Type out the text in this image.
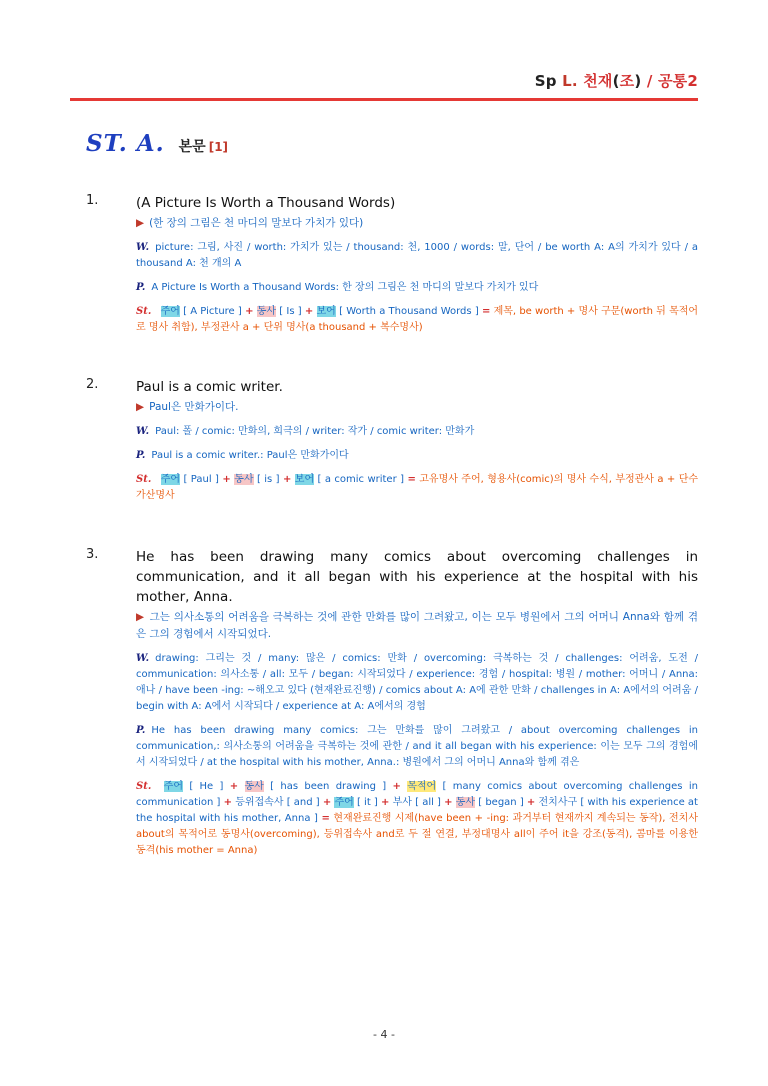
Sp L. 천재(조) / 공통2
ST. A. 본문 [1]
1.	(A Picture Is Worth a Thousand Words)
▶ (한 장의 그림은 천 마디의 말보다 가치가 있다)
W. picture: 그림, 사진 / worth: 가치가 있는 / thousand: 천, 1000 / words: 말, 단어 / be worth A: A의 가치가 있다 / a thousand A: 천 개의 A
P. A Picture Is Worth a Thousand Words: 한 장의 그림은 천 마디의 말보다 가치가 있다
St. 주어 [ A Picture ] + 동사 [ Is ] + 보어 [ Worth a Thousand Words ] = 제목, be worth + 명사 구문(worth 뒤 목적어로 명사 취함), 부정관사 a + 단위 명사(a thousand + 복수명사)
2.	Paul is a comic writer.
▶ Paul은 만화가이다.
W. Paul: 폴 / comic: 만화의, 희극의 / writer: 작가 / comic writer: 만화가
P. Paul is a comic writer.: Paul은 만화가이다
St. 주어 [ Paul ] + 동사 [ is ] + 보어 [ a comic writer ] = 고유명사 주어, 형용사(comic)의 명사 수식, 부정관사 a + 단수 가산명사
3.	He has been drawing many comics about overcoming challenges in communication, and it all began with his experience at the hospital with his mother, Anna.
▶ 그는 의사소통의 어려움을 극복하는 것에 관한 만화를 많이 그려왔고, 이는 모두 병원에서 그의 어머니 Anna와 함께 겪은 그의 경험에서 시작되었다.
W. drawing: 그리는 것 / many: 많은 / comics: 만화 / overcoming: 극복하는 것 / challenges: 어려움, 도전 / communication: 의사소통 / all: 모두 / began: 시작되었다 / experience: 경험 / hospital: 병원 / mother: 어머니 / Anna: 애나 / have been -ing: ~해오고 있다 (현재완료진행) / comics about A: A에 관한 만화 / challenges in A: A에서의 어려움 / begin with A: A에서 시작되다 / experience at A: A에서의 경험
P. He has been drawing many comics: 그는 만화를 많이 그려왔고 / about overcoming challenges in communication,: 의사소통의 어려움을 극복하는 것에 관한 / and it all began with his experience: 이는 모두 그의 경험에서 시작되었다 / at the hospital with his mother, Anna.: 병원에서 그의 어머니 Anna와 함께 겪은
St. 주어 [ He ] + 동사 [ has been drawing ] + 목적어 [ many comics about overcoming challenges in communication ] + 등위접속사 [ and ] + 주어 [ it ] + 부사 [ all ] + 동사 [ began ] + 전치사구 [ with his experience at the hospital with his mother, Anna ] = 현재완료진행 시제(have been + -ing: 과거부터 현재까지 계속되는 동작), 전치사 about의 목적어로 동명사(overcoming), 등위접속사 and로 두 절 연결, 부정대명사 all이 주어 it을 강조(동격), 콤마를 이용한 동격(his mother = Anna)
- 4 -
